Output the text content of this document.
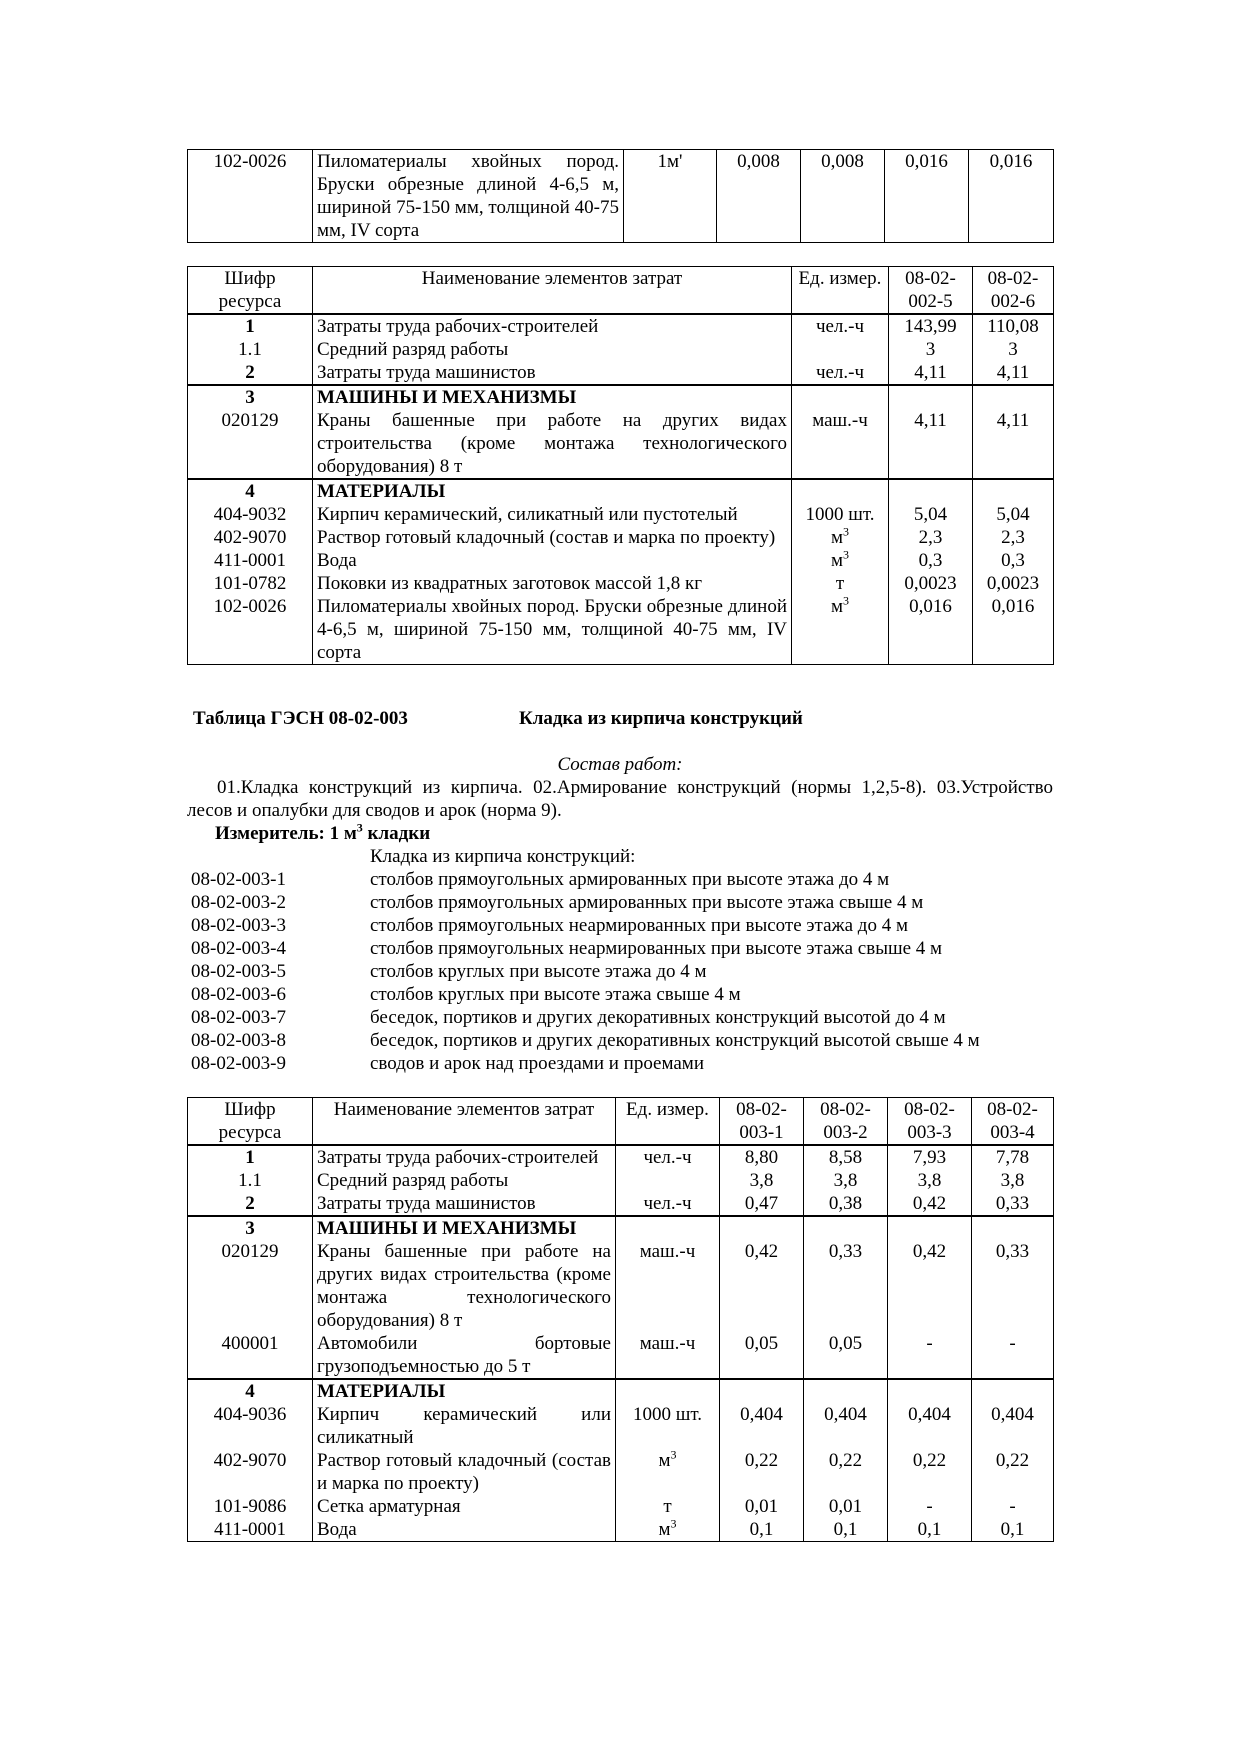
102-0026	Пиломатериалы хвойных пород. Бруски обрезные длиной 4-6,5 м, шириной 75-150 мм, толщиной 40-75 мм, IV сорта	1м'	0,008	0,008	0,016	0,016
Шифр ресурса	Наименование элементов затрат	Ед. измер.	08-02-002-5	08-02-002-6
1	Затраты труда рабочих-строителей	чел.-ч	143,99	110,08
1.1	Средний разряд работы		3	3
2	Затраты труда машинистов	чел.-ч	4,11	4,11
3	МАШИНЫ И МЕХАНИЗМЫ			
020129	Краны башенные при работе на других видах строительства (кроме монтажа технологического оборудования) 8 т	маш.-ч	4,11	4,11
4	МАТЕРИАЛЫ			
404-9032	Кирпич керамический, силикатный или пустотелый	1000 шт.	5,04	5,04
402-9070	Раствор готовый кладочный (состав и марка по проекту)	$м^3$	2,3	2,3
411-0001	Вода	$м^3$	0,3	0,3
101-0782	Поковки из квадратных заготовок массой 1,8 кг	т	0,0023	0,0023
102-0026	Пиломатериалы хвойных пород. Бруски обрезные длиной 4-6,5 м, шириной 75-150 мм, толщиной 40-75 мм, IV сорта	$м^3$	0,016	0,016
Таблица ГЭСН 08-02-003	Кладка из кирпича конструкций
Состав работ:
01.Кладка конструкций из кирпича. 02.Армирование конструкций (нормы 1,2,5-8). 03.Устройство лесов и опалубки для сводов и арок (норма 9).
Измеритель: 1 $м^3$ кладки
Кладка из кирпича конструкций:
08-02-003-1	столбов прямоугольных армированных при высоте этажа до 4 м
08-02-003-2	столбов прямоугольных армированных при высоте этажа свыше 4 м
08-02-003-3	столбов прямоугольных неармированных при высоте этажа до 4 м
08-02-003-4	столбов прямоугольных неармированных при высоте этажа свыше 4 м
08-02-003-5	столбов круглых при высоте этажа до 4 м
08-02-003-6	столбов круглых при высоте этажа свыше 4 м
08-02-003-7	беседок, портиков и других декоративных конструкций высотой до 4 м
08-02-003-8	беседок, портиков и других декоративных конструкций высотой свыше 4 м
08-02-003-9	сводов и арок над проездами и проемами
Шифр ресурса	Наименование элементов затрат	Ед. измер.	08-02-003-1	08-02-003-2	08-02-003-3	08-02-003-4
1	Затраты труда рабочих-строителей	чел.-ч	8,80	8,58	7,93	7,78
1.1	Средний разряд работы		3,8	3,8	3,8	3,8
2	Затраты труда машинистов	чел.-ч	0,47	0,38	0,42	0,33
3	МАШИНЫ И МЕХАНИЗМЫ					
020129	Краны башенные при работе на других видах строительства (кроме монтажа технологического оборудования) 8 т	маш.-ч	0,42	0,33	0,42	0,33
400001	Автомобили бортовые грузоподъемностью до 5 т	маш.-ч	0,05	0,05	-	-
4	МАТЕРИАЛЫ					
404-9036	Кирпич керамический или силикатный	1000 шт.	0,404	0,404	0,404	0,404
402-9070	Раствор готовый кладочный (состав и марка по проекту)	$м^3$	0,22	0,22	0,22	0,22
101-9086	Сетка арматурная	т	0,01	0,01	-	-
411-0001	Вода	$м^3$	0,1	0,1	0,1	0,1
